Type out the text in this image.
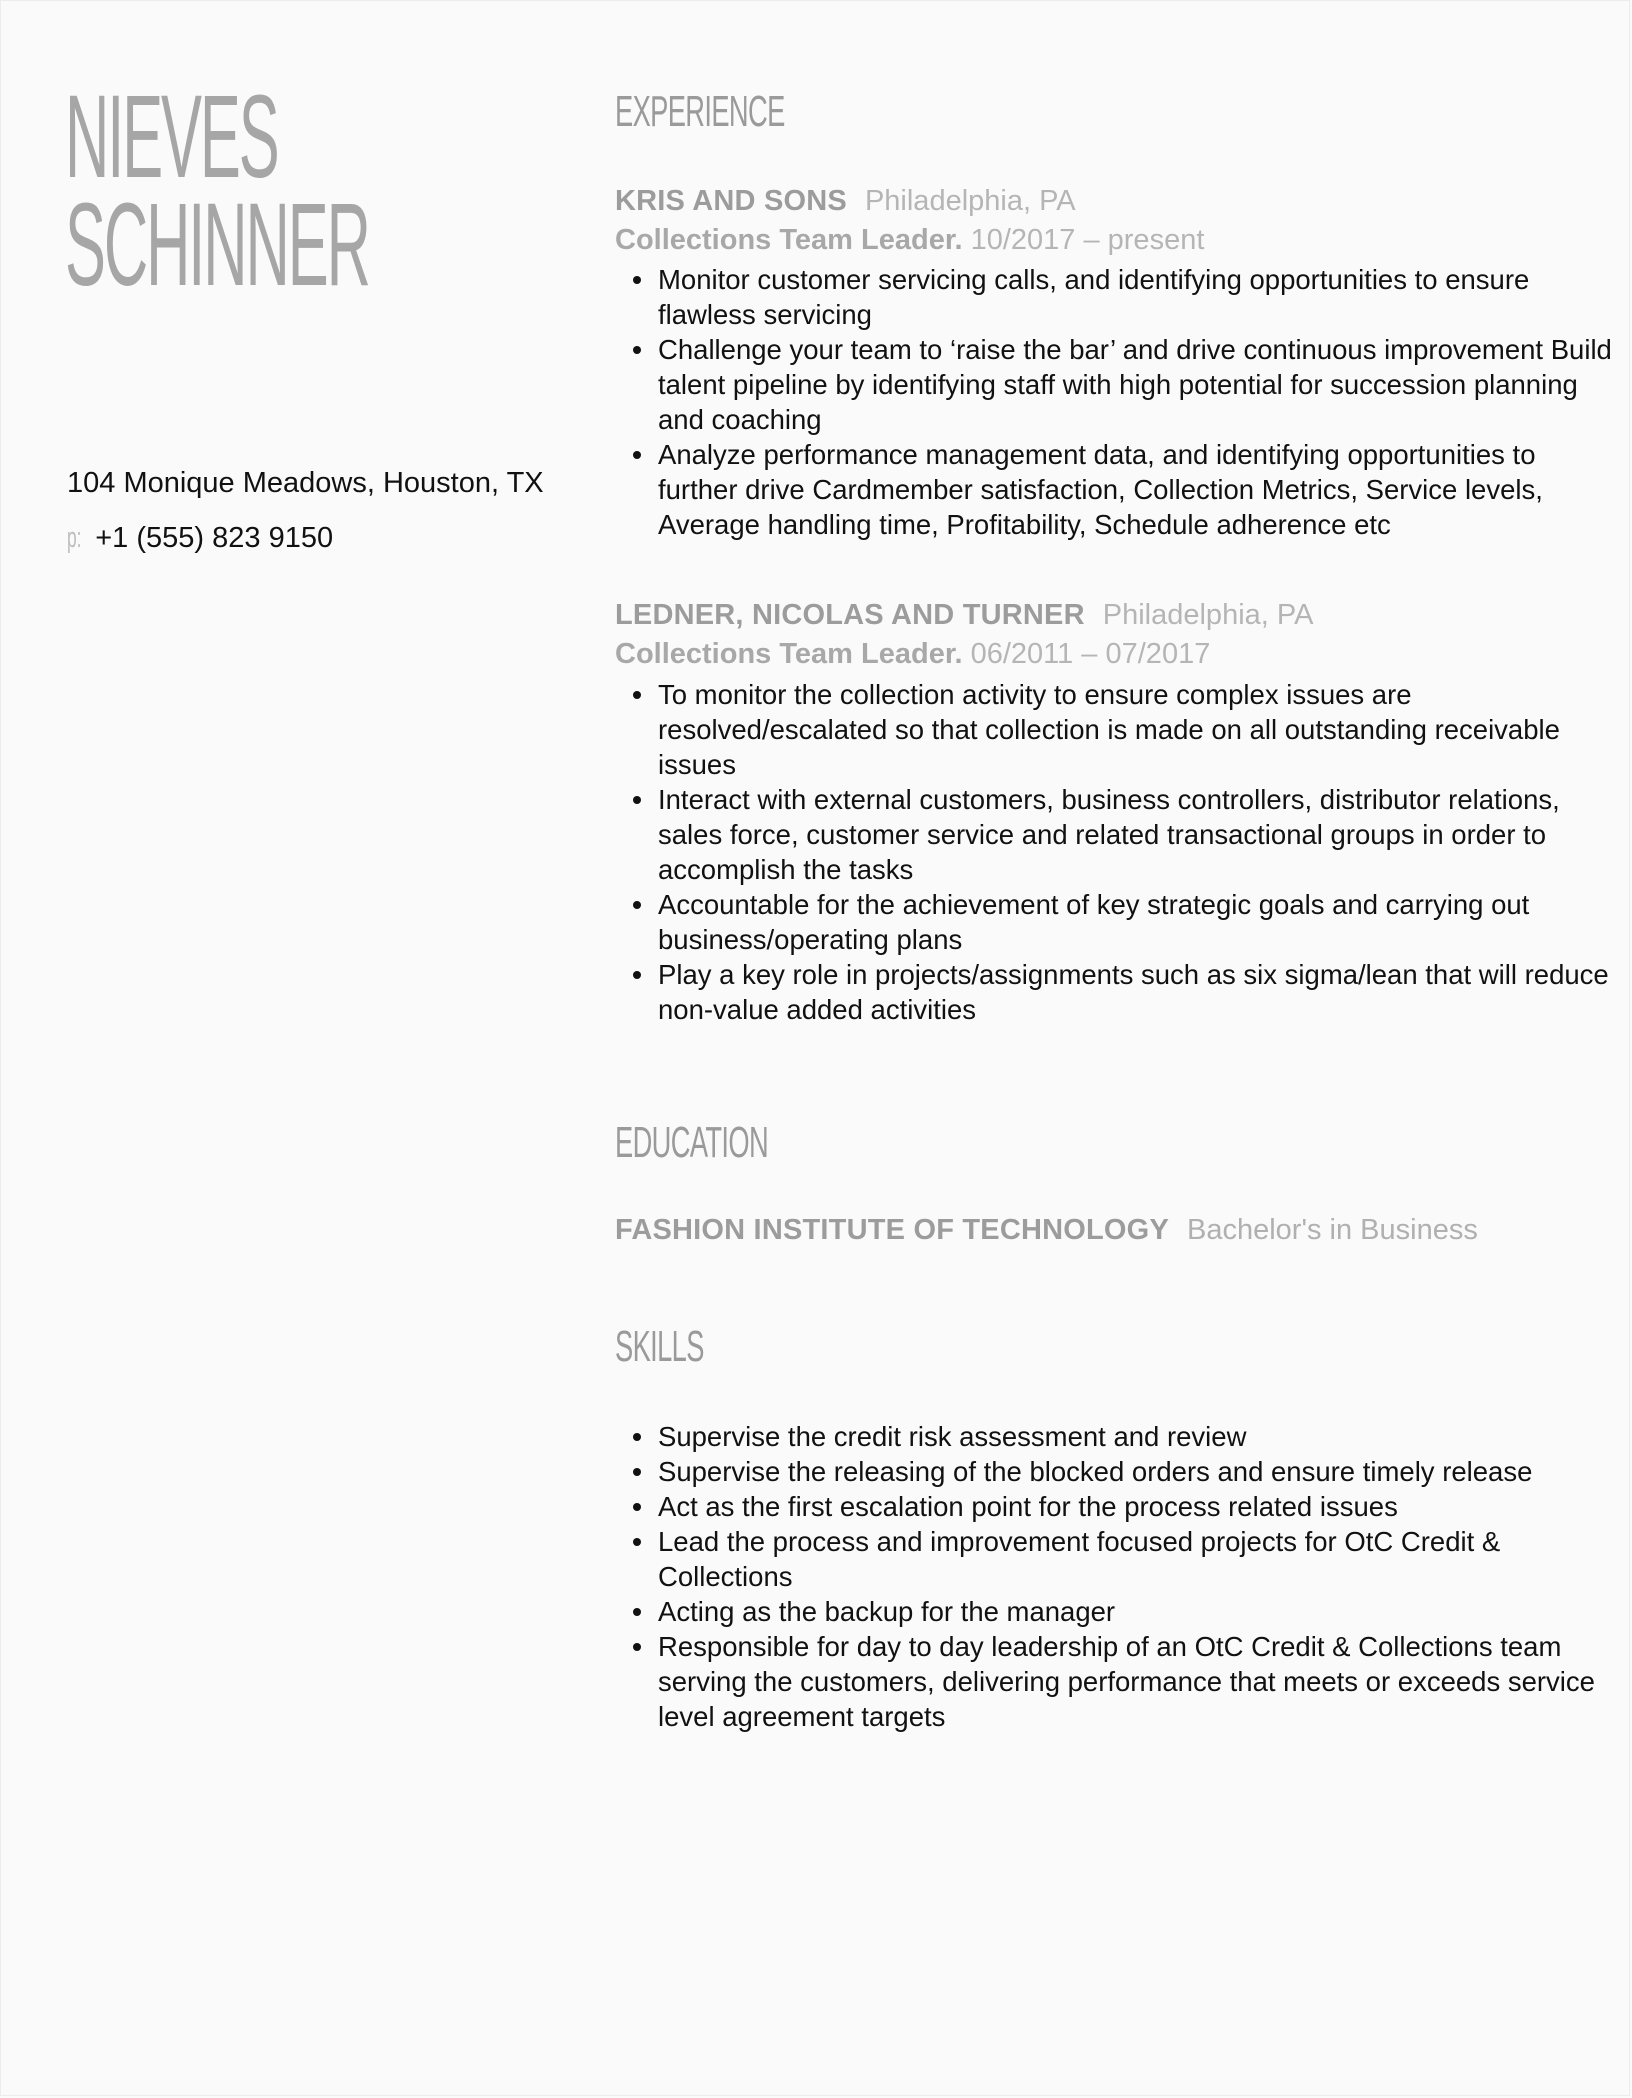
NIEVES
SCHINNER
104 Monique Meadows, Houston, TX
p: +1 (555) 823 9150
EXPERIENCE
KRIS AND SONS Philadelphia, PA
Collections Team Leader. 10/2017 – present
Monitor customer servicing calls, and identifying opportunities to ensure flawless servicing
Challenge your team to ‘raise the bar’ and drive continuous improvement Build talent pipeline by identifying staff with high potential for succession planning and coaching
Analyze performance management data, and identifying opportunities to further drive Cardmember satisfaction, Collection Metrics, Service levels, Average handling time, Profitability, Schedule adherence etc
LEDNER, NICOLAS AND TURNER Philadelphia, PA
Collections Team Leader. 06/2011 – 07/2017
To monitor the collection activity to ensure complex issues are resolved/escalated so that collection is made on all outstanding receivable issues
Interact with external customers, business controllers, distributor relations, sales force, customer service and related transactional groups in order to accomplish the tasks
Accountable for the achievement of key strategic goals and carrying out business/operating plans
Play a key role in projects/assignments such as six sigma/lean that will reduce non-value added activities
EDUCATION
FASHION INSTITUTE OF TECHNOLOGY Bachelor's in Business
SKILLS
Supervise the credit risk assessment and review
Supervise the releasing of the blocked orders and ensure timely release
Act as the first escalation point for the process related issues
Lead the process and improvement focused projects for OtC Credit & Collections
Acting as the backup for the manager
Responsible for day to day leadership of an OtC Credit & Collections team serving the customers, delivering performance that meets or exceeds service level agreement targets
